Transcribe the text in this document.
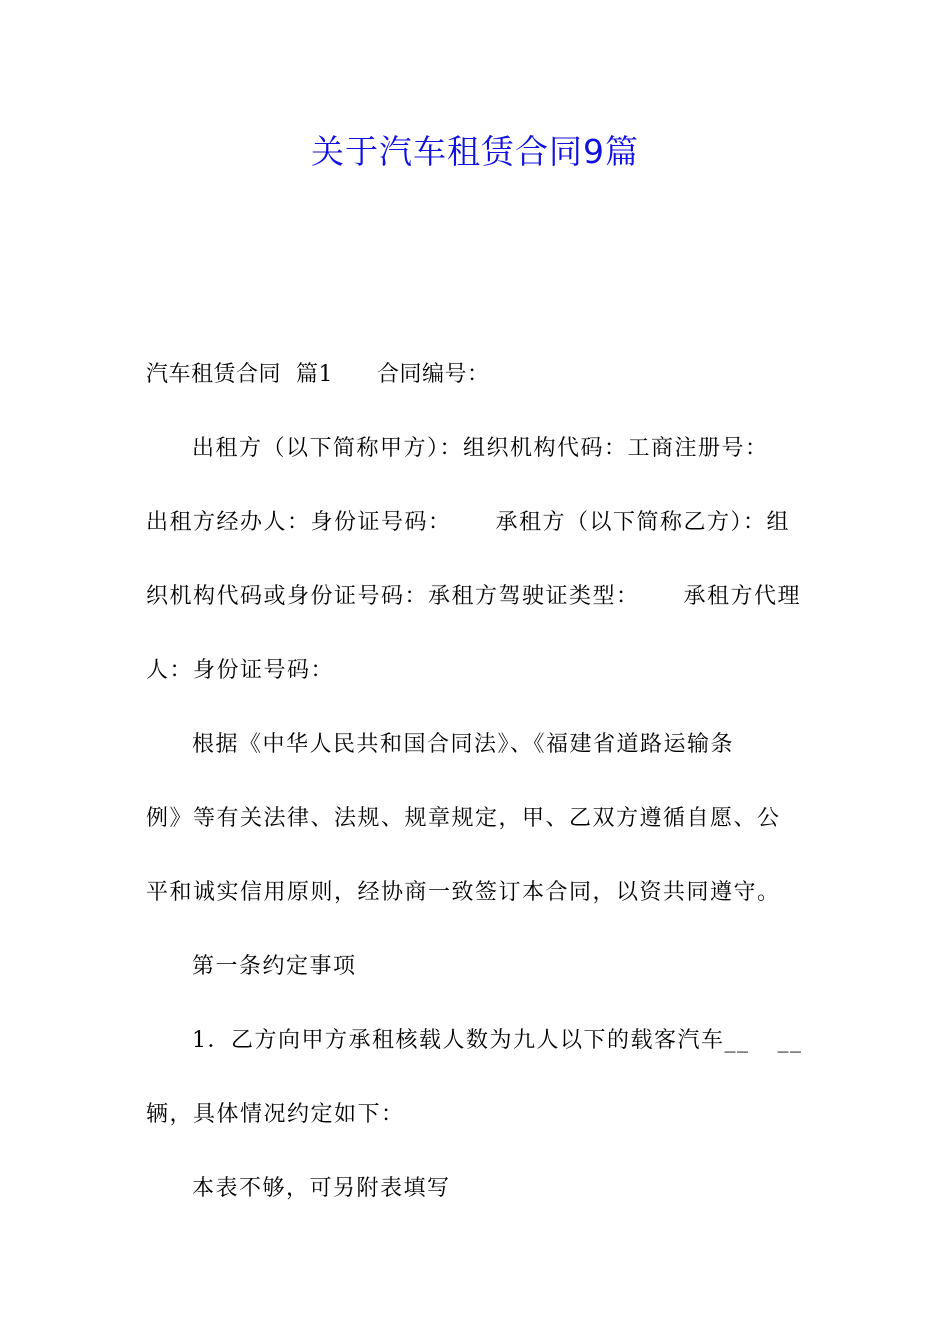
关于汽车租赁合同9篇

汽车租赁合同  篇1 合同编号：

出租方（以下简称甲方）：组织机构代码：工商注册号：

出租方经办人：身份证号码： 承租方（以下简称乙方）：组

织机构代码或身份证号码：承租方驾驶证类型： 承租方代理

人：身份证号码：

根据《中华人民共和国合同法》、《福建省道路运输条

例》等有关法律、法规、规章规定，甲、乙双方遵循自愿、公

平和诚实信用原则，经协商一致签订本合同，以资共同遵守。

第一条约定事项

1．乙方向甲方承租核载人数为九人以下的载客汽车__ __

辆，具体情况约定如下：

本表不够，可另附表填写
